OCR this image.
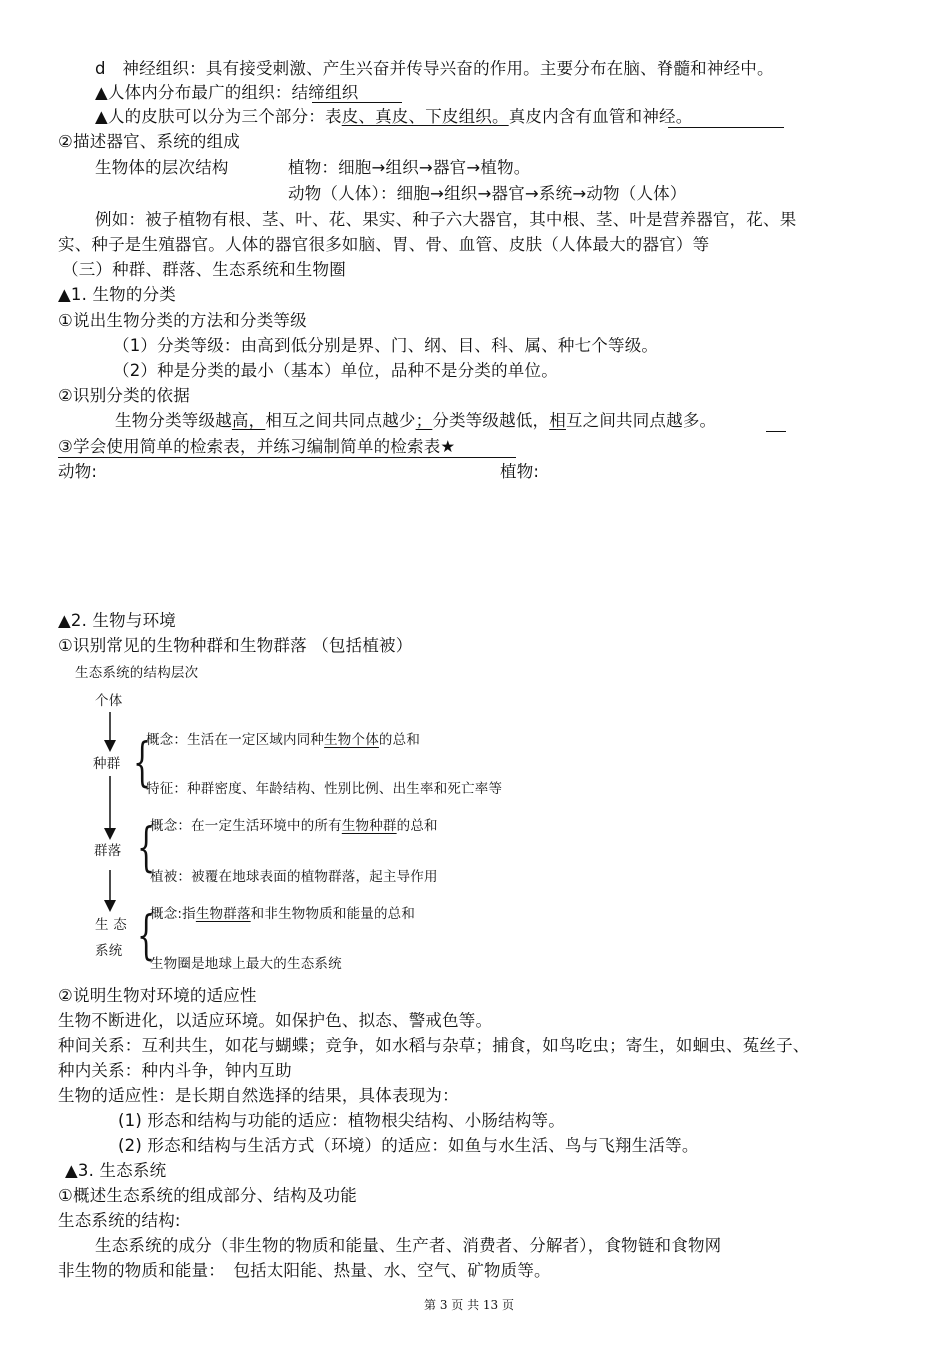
d　神经组织：具有接受刺激、产生兴奋并传导兴奋的作用。主要分布在脑、脊髓和神经中。
▲人体内分布最广的组织：结缔组织
▲人的皮肤可以分为三个部分：表皮、真皮、下皮组织。真皮内含有血管和神经。
②描述器官、系统的组成
生物体的层次结构	植物：细胞→组织→器官→植物。
动物（人体）：细胞→组织→器官→系统→动物（人体）
例如：被子植物有根、茎、叶、花、果实、种子六大器官，其中根、茎、叶是营养器官，花、果
实、种子是生殖器官。人体的器官很多如脑、胃、骨、血管、皮肤（人体最大的器官）等
（三）种群、群落、生态系统和生物圈
▲1. 生物的分类
①说出生物分类的方法和分类等级
（1）分类等级：由高到低分别是界、门、纲、目、科、属、种七个等级。
（2）种是分类的最小（基本）单位，品种不是分类的单位。
②识别分类的依据
生物分类等级越高，相互之间共同点越少；分类等级越低，相互之间共同点越多。
③学会使用简单的检索表，并练习编制简单的检索表★
动物:	植物:
▲2. 生物与环境
①识别常见的生物种群和生物群落 （包括植被）
生态系统的结构层次
个体
种群 {
概念：生活在一定区域内同种生物个体的总和
特征：种群密度、年龄结构、性别比例、出生率和死亡率等
群落 {
概念：在一定生活环境中的所有生物种群的总和
植被：被覆在地球表面的植物群落，起主导作用
生 态
系统 {
概念:指生物群落和非生物物质和能量的总和
生物圈是地球上最大的生态系统
②说明生物对环境的适应性
生物不断进化，以适应环境。如保护色、拟态、警戒色等。
种间关系：互利共生，如花与蝴蝶；竞争，如水稻与杂草；捕食，如鸟吃虫；寄生，如蛔虫、菟丝子、
种内关系：种内斗争，钟内互助
生物的适应性：是长期自然选择的结果，具体表现为：
(1) 形态和结构与功能的适应：植物根尖结构、小肠结构等。
(2) 形态和结构与生活方式（环境）的适应：如鱼与水生活、鸟与飞翔生活等。
▲3. 生态系统
①概述生态系统的组成部分、结构及功能
生态系统的结构:
生态系统的成分（非生物的物质和能量、生产者、消费者、分解者），食物链和食物网
非生物的物质和能量：　包括太阳能、热量、水、空气、矿物质等。
第 3 页 共 13 页
